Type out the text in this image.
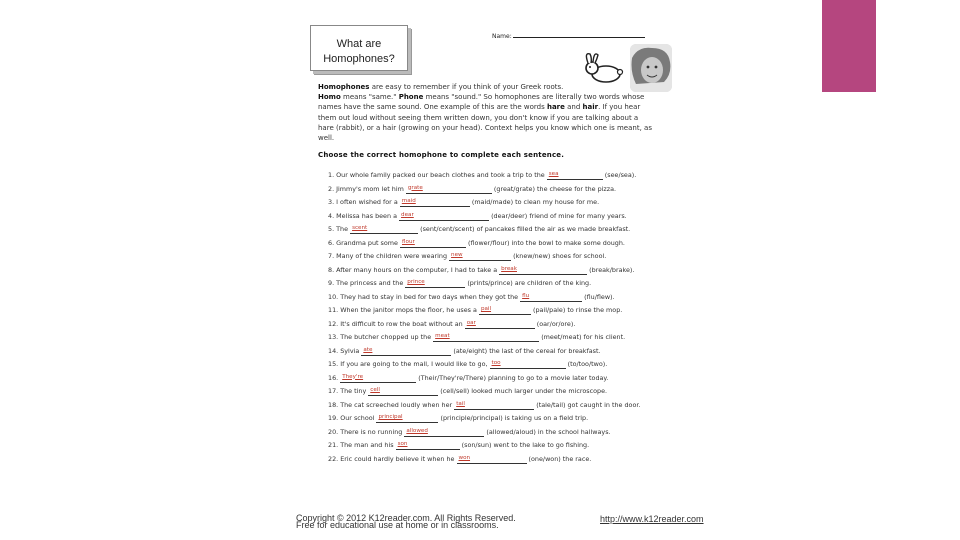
What are Homophones?
Name:
Homophones are easy to remember if you think of your Greek roots.
Homo means "same." Phone means "sound." So homophones are literally two words whose names have the same sound. One example of this are the words hare and hair. If you hear them out loud without seeing them written down, you don't know if you are talking about a hare (rabbit), or a hair (growing on your head). Context helps you know which one is meant, as well.
Choose the correct homophone to complete each sentence.
1. Our whole family packed our beach clothes and took a trip to the sea	(see/sea).
2. Jimmy's mom let him grate	(great/grate) the cheese for the pizza.
3. I often wished for a maid	(maid/made) to clean my house for me.
4. Melissa has been a dear	(dear/deer) friend of mine for many years.
5. The scent	(sent/cent/scent) of pancakes filled the air as we made breakfast.
6. Grandma put some flour	(flower/flour) into the bowl to make some dough.
7. Many of the children were wearing new	(knew/new) shoes for school.
8. After many hours on the computer, I had to take a break	(break/brake).
9. The princess and the prince	(prints/prince) are children of the king.
10. They had to stay in bed for two days when they got the flu	(flu/flew).
11. When the janitor mops the floor, he uses a pail	(pail/pale) to rinse the mop.
12. It's difficult to row the boat without an oar	(oar/or/ore).
13. The butcher chopped up the meat	(meet/meat) for his client.
14. Sylvia ate	(ate/eight) the last of the cereal for breakfast.
15. If you are going to the mall, I would like to go, too	(to/too/two).
16. They're	(Their/They're/There) planning to go to a movie later today.
17. The tiny cell	(cell/sell) looked much larger under the microscope.
18. The cat screeched loudly when her tail	(tale/tail) got caught in the door.
19. Our school principal	(principle/principal) is taking us on a field trip.
20. There is no running allowed	(allowed/aloud) in the school hallways.
21. The man and his son	(son/sun) went to the lake to go fishing.
22. Eric could hardly believe it when he won	(one/won) the race.
Copyright © 2012 K12reader.com. All Rights Reserved. Free for educational use at home or in classrooms.
http://www.k12reader.com
